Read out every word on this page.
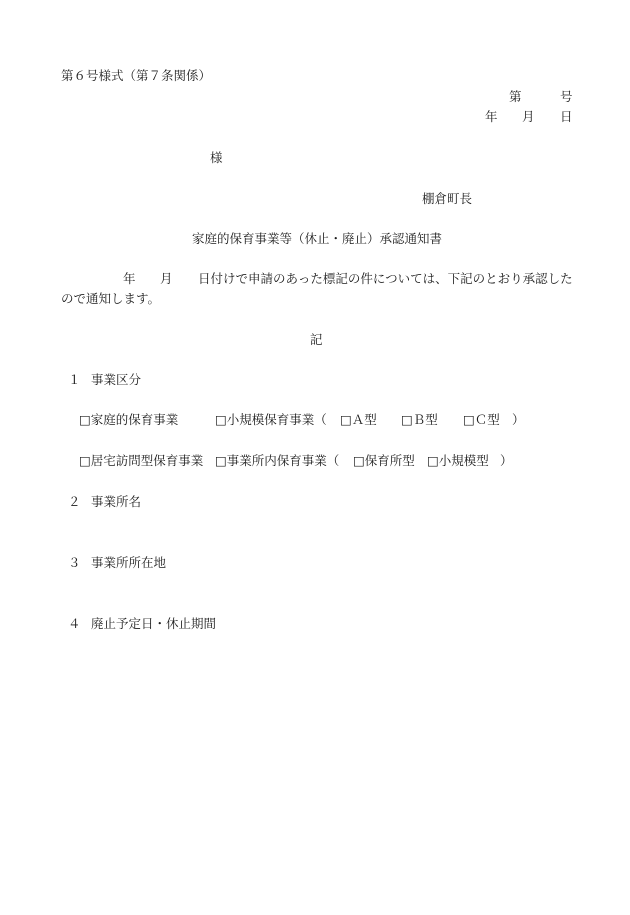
第６号様式（第７条関係）
第	号
年 月 日
様
棚倉町長
家庭的保育事業等（休止・廃止）承認通知書
年 月 日付けで申請のあった標記の件については、下記のとおり承認した
ので通知します。
記
１ 事業区分
□家庭的保育事業	□小規模保育事業（ □Ａ型 □Ｂ型 □Ｃ型 ）
□居宅訪問型保育事業 □事業所内保育事業（ □保育所型 □小規模型 ）
２ 事業所名
３ 事業所所在地
４ 廃止予定日・休止期間
